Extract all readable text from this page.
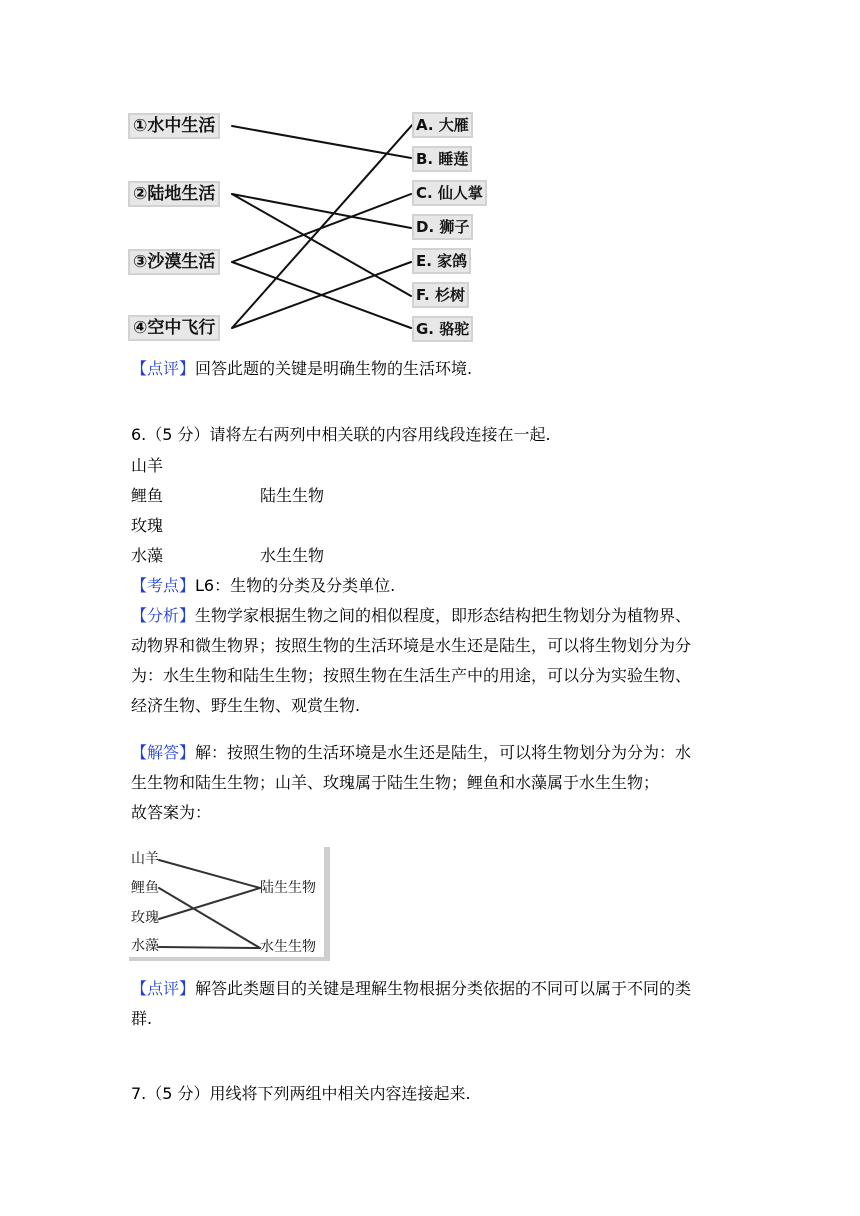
①水中生活
②陆地生活
③沙漠生活
④空中飞行
A. 大雁
B. 睡莲
C. 仙人掌
D. 狮子
E. 家鸽
F. 杉树
G. 骆驼
【点评】回答此题的关键是明确生物的生活环境.
6.（5 分）请将左右两列中相关联的内容用线段连接在一起.
山羊
鲤鱼
玫瑰
水藻
陆生生物
水生生物
【考点】L6：生物的分类及分类单位.

【分析】生物学家根据生物之间的相似程度，即形态结构把生物划分为植物界、

动物界和微生物界；按照生物的生活环境是水生还是陆生，可以将生物划分为分

为：水生生物和陆生生物；按照生物在生活生产中的用途，可以分为实验生物、

经济生物、野生生物、观赏生物.

【解答】解：按照生物的生活环境是水生还是陆生，可以将生物划分为分为：水

生生物和陆生生物；山羊、玫瑰属于陆生生物；鲤鱼和水藻属于水生生物；

故答案为：

山羊
鲤鱼
玫瑰
水藻
陆生生物
水生生物

【点评】解答此类题目的关键是理解生物根据分类依据的不同可以属于不同的类

群.

7.（5 分）用线将下列两组中相关内容连接起来.
